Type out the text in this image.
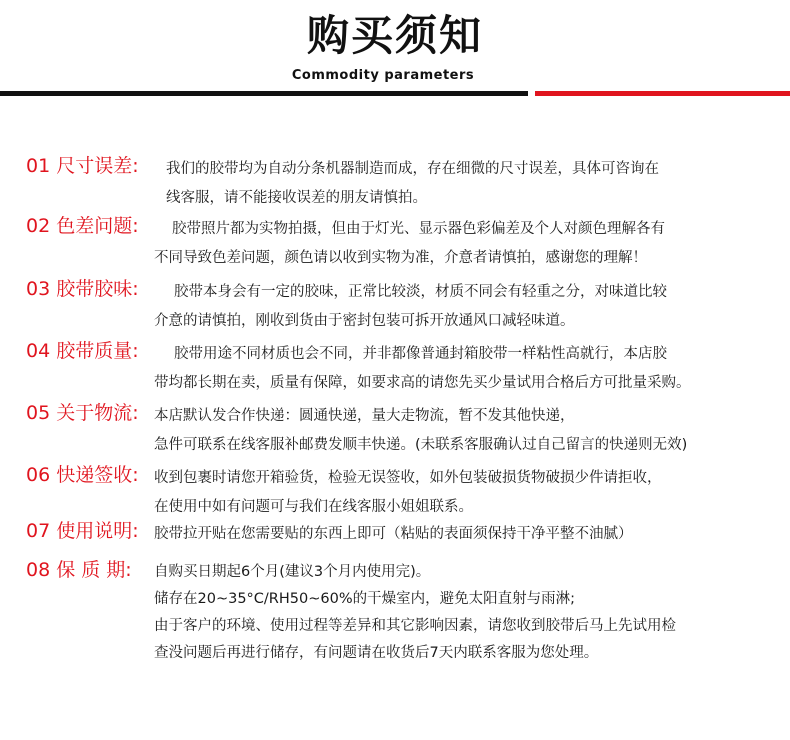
购买须知
Commodity parameters
01 尺寸误差: 我们的胶带均为自动分条机器制造而成，存在细微的尺寸误差，具体可咨询在
线客服，请不能接收误差的朋友请慎拍。
02 色差问题:	胶带照片都为实物拍摄，但由于灯光、显示器色彩偏差及个人对颜色理解各有
不同导致色差问题，颜色请以收到实物为准，介意者请慎拍，感谢您的理解！
03 胶带胶味:	胶带本身会有一定的胶味，正常比较淡，材质不同会有轻重之分，对味道比较
介意的请慎拍，刚收到货由于密封包装可拆开放通风口减轻味道。
04 胶带质量:	胶带用途不同材质也会不同，并非都像普通封箱胶带一样粘性高就行，本店胶
带均都长期在卖，质量有保障，如要求高的请您先买少量试用合格后方可批量采购。
05 关于物流: 本店默认发合作快递：圆通快递，量大走物流，暂不发其他快递，
急件可联系在线客服补邮费发顺丰快递。(未联系客服确认过自己留言的快递则无效)
06 快递签收: 收到包裹时请您开箱验货，检验无误签收，如外包装破损货物破损少件请拒收，
在使用中如有问题可与我们在线客服小姐姐联系。
07 使用说明: 胶带拉开贴在您需要贴的东西上即可（粘贴的表面须保持干净平整不油腻）
08 保 质 期: 自购买日期起6个月(建议3个月内使用完)。
储存在20~35°C/RH50~60%的干燥室内，避免太阳直射与雨淋;
由于客户的环境、使用过程等差异和其它影响因素，请您收到胶带后马上先试用检
查没问题后再进行储存，有问题请在收货后7天内联系客服为您处理。
